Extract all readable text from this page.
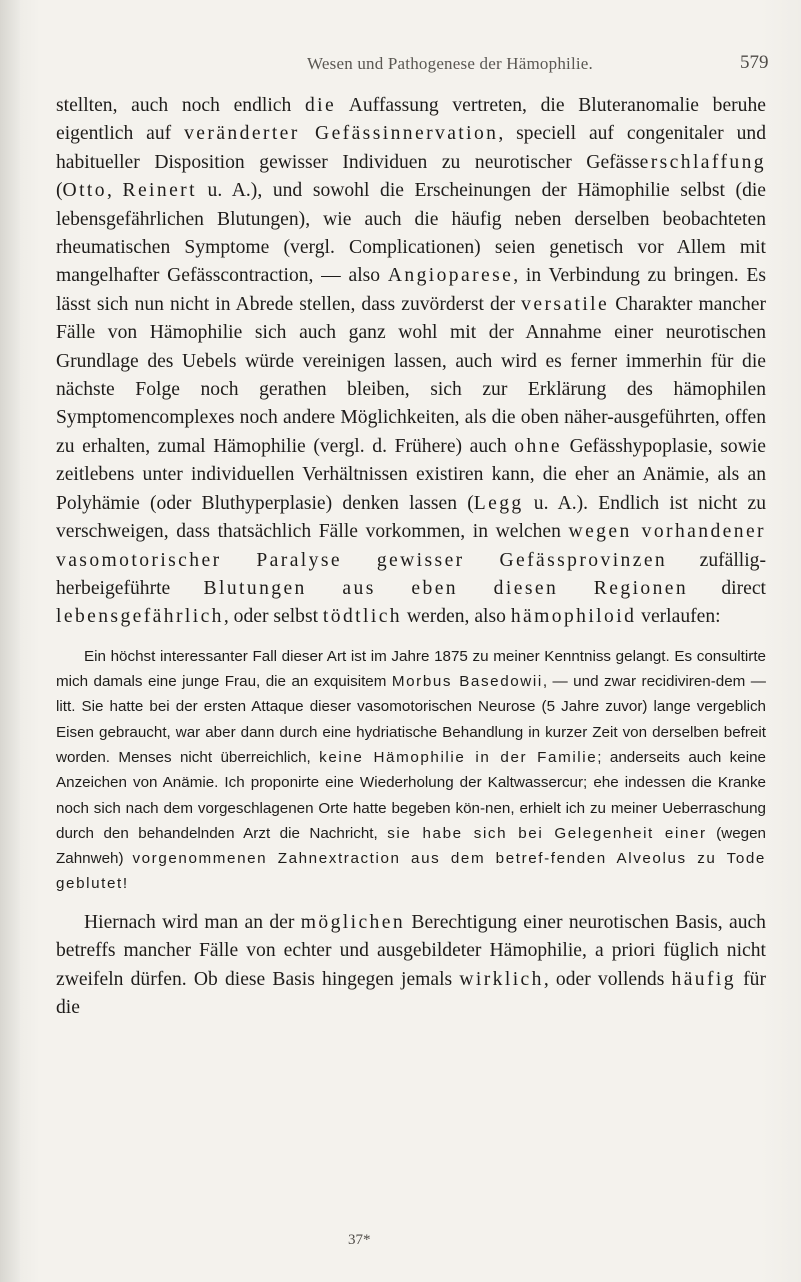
Wesen und Pathogenese der Hämophilie.	579

stellten, auch noch endlich die Auffassung vertreten, die Bluteranomalie beruhe eigentlich auf veränderter Gefässinnervation, speciell auf congenitaler und habitueller Disposition gewisser Individuen zu neurotischer Gefässerschlaffung (Otto, Reinert u. A.), und sowohl die Erscheinungen der Hämophilie selbst (die lebensgefährlichen Blutungen), wie auch die häufig neben derselben beobachteten rheumatischen Symptome (vergl. Complicationen) seien genetisch vor Allem mit mangelhafter Gefässcontraction, — also Angioparese, in Verbindung zu bringen. Es lässt sich nun nicht in Abrede stellen, dass zuvörderst der versatile Charakter mancher Fälle von Hämophilie sich auch ganz wohl mit der Annahme einer neurotischen Grundlage des Uebels würde vereinigen lassen, auch wird es ferner immerhin für die nächste Folge noch gerathen bleiben, sich zur Erklärung des hämophilen Symptomencomplexes noch andere Möglichkeiten, als die oben näher-ausgeführten, offen zu erhalten, zumal Hämophilie (vergl. d. Frühere) auch ohne Gefässhypoplasie, sowie zeitlebens unter individuellen Verhältnissen existiren kann, die eher an Anämie, als an Polyhämie (oder Bluthyperplasie) denken lassen (Legg u. A.). Endlich ist nicht zu verschweigen, dass thatsächlich Fälle vorkommen, in welchen wegen vorhandener vasomotorischer Paralyse gewisser Gefässprovinzen zufällig-herbeigeführte Blutungen aus eben diesen Regionen direct lebensgefährlich, oder selbst tödtlich werden, also hämophiloid verlaufen:

Ein höchst interessanter Fall dieser Art ist im Jahre 1875 zu meiner Kenntniss gelangt. Es consultirte mich damals eine junge Frau, die an exquisitem Morbus Basedowii, — und zwar recidiviren-dem — litt. Sie hatte bei der ersten Attaque dieser vasomotorischen Neurose (5 Jahre zuvor) lange vergeblich Eisen gebraucht, war aber dann durch eine hydriatische Behandlung in kurzer Zeit von derselben befreit worden. Menses nicht überreichlich, keine Hämophilie in der Familie; anderseits auch keine Anzeichen von Anämie. Ich proponirte eine Wiederholung der Kaltwassercur; ehe indessen die Kranke noch sich nach dem vorgeschlagenen Orte hatte begeben kön-nen, erhielt ich zu meiner Ueberraschung durch den behandelnden Arzt die Nachricht, sie habe sich bei Gelegenheit einer (wegen Zahnweh) vorgenommenen Zahnextraction aus dem betref-fenden Alveolus zu Tode geblutet!

Hiernach wird man an der möglichen Berechtigung einer neurotischen Basis, auch betreffs mancher Fälle von echter und ausgebildeter Hämophilie, a priori füglich nicht zweifeln dürfen. Ob diese Basis hingegen jemals wirklich, oder vollends häufig für die

37*
